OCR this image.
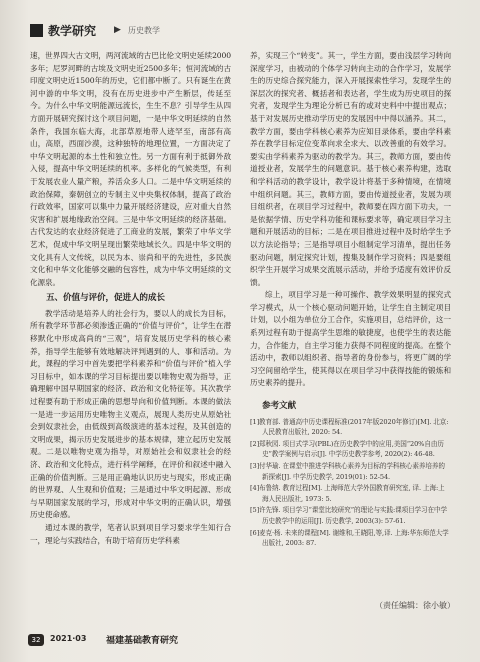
教学研究 ▶ 历史教学

速，世界四大古文明，两河流域的古巴比伦文明史延续2000多年；尼罗河畔的古埃及文明史近2500多年；恒河流域的古印度文明史近1500年的历史，它们都中断了。只有诞生在黄河中游的中华文明，没有在历史进步中产生断层，传延至今。为什么中华文明能源远流长，生生不息？引导学生从四方面开展研究探讨这个项目问题，一是中华文明延续的自然条件，我国东临大海，北部草原地带人迹罕至，南部有高山，高原，西面沙漠，这种独特的地理位置，一方面决定了中华文明起源的本土性和独立性。另一方面有利于抵御外敌入侵，提高中华文明延续的机率。多样化的气候类型，有利于发展农业人量产粮，养活众多人口。二是中华文明延续的政治保障，秦朝创立的专制主义中央集权体制，提高了政治行政效率，国家可以集中力量开展经济建设，应对重大自然灾害和扩展地缘政治空间。三是中华文明延续的经济基础。古代发达的农业经济促进了工商业的发展，繁荣了中华文学艺术，促成中华文明呈现出繁荣地域长久。四是中华文明的文化具有人文传统，以民为本、崇尚和平的先进性，多民族文化和中华文化能够交融的包容性，成为中华文明延续的文化源泉。

五、价值与评价，促进人的成长

教学活动是培养人的社会行为，要以人的成长为目标，所有教学环节都必须渗透正确的“价值与评价”，让学生在潜移默化中形成高尚的“三观”，培育发展历史学科的核心素养，指导学生能够有效地解决评判遇到的人、事和活动。为此，课程的学习中首先要把学科素养和“价值与评价”植入学习目标中，如本课的学习目标提出要以唯物史观为指导，正确理解中国早期国家的经济、政治和文化特征等。其次教学过程要有助于形成正确的思想导向和价值判断。本课的做法一是进一步运用历史唯物主义观点，展现人类历史从原始社会到奴隶社会，由低级到高级演进的基本过程，及其创造的文明成果，揭示历史发展进步的基本规律，建立起历史发展观。二是以唯物史观为指导，对原始社会和奴隶社会的经济、政治和文化特点，进行科学阐释，在评价和叙述中融入正确的价值判断。三是用正确地认识历史与现实，形成正确的世界观、人生观和价值观；三是通过中华文明起源、形成与早期国家发展的学习，形成对中华文明的正确认识，增强历史使命感。

通过本课的教学，笔者认识到项目学习要求学生知行合一，理论与实践结合，有助于培育历史学科素

养，实现三个“转变”。其一，学生方面，要由浅层学习转向深度学习，由被动的个体学习转向主动的合作学习，发展学生的历史综合探究能力，深入开展探索性学习，发现学生的深层次的探究者、概括者和表达者，学生成为历史项目的探究者，发现学生为理论分析已有的或对史料中中提出观点；基于对发展历史推动学历史的发展因中中得以涵养。其二，教学方面，要由学科核心素养为应知目录体系，要由学科素养在教学目标定位变革向求全求大、以改善重的有效学习。要实由学科素养为驱动的教学为。其三，教师方面，要由传道授业者，发展学生的问题意识。基于核心素养构建，选取和学科活动的教学设计，教学设计将基于多种情境，在情境中组织问题。其三，教师方面，要由传道授业者，发展为项目组织者，在项目学习过程中，教师要在四方面下功夫，一是依据学情、历史学科功能和课标要求等，确定项目学习主题和开展活动的目标；二是在项目推进过程中及时给学生予以方法论指导；三是指导项目小组制定学习清单，提出任务驱动问题，制定探究计划，搜集及制作学习资料；四是要组织学生开展学习成果交流展示活动，并给予适度有效评价反馈。

综上，项目学习是一种可操作、教学效果明显的探究式学习模式，从一个核心驱动问题开始，让学生自主制定项目计划，以小组为单位分工合作，实施项目，总结评价，这一系列过程有助于提高学生思维的敏捷度，也使学生的表达能力，合作能力，自主学习能力获得不同程度的提高。在整个活动中，教师以组织者、指导者的身份参与，将更广阔的学习空间留给学生，使其得以在项目学习中获得技能的锻炼和历史素养的提升。

参考文献
[1]教育部. 普通高中历史课程标准(2017年版2020年修订)[M]. 北京:人民教育出版社, 2020: 54.
[2]郑秋园. 项目式学习(PBL)在历史教学中的应用,美国“20%自由历史”教学案例与启示[J]. 中学历史教学参考, 2020(2): 46-48.
[3]付华瑜. 在课堂中推进学科核心素养为目标的学科核心素养培养的新探索[J]. 中学历史教学, 2019(01): 52-54.
[4]布鲁纳. 教育过程[M]. 上海师范大学外国教育研究室, 译. 上海:上海人民出版社, 1973: 5.
[5]许先锋. 项目学习“课堂比较研究”的理论与实践:课项目学习在中学历史教学中的运用[J]. 历史教学, 2003(3): 57-61.
[6]麦克·杨. 未来的课程[M]. 谢维和,王晓阳,等,译. 上海:华东师范大学出版社, 2003: 87.
（责任编辑：徐小敏）
32	2021·03 福建基础教育研究
